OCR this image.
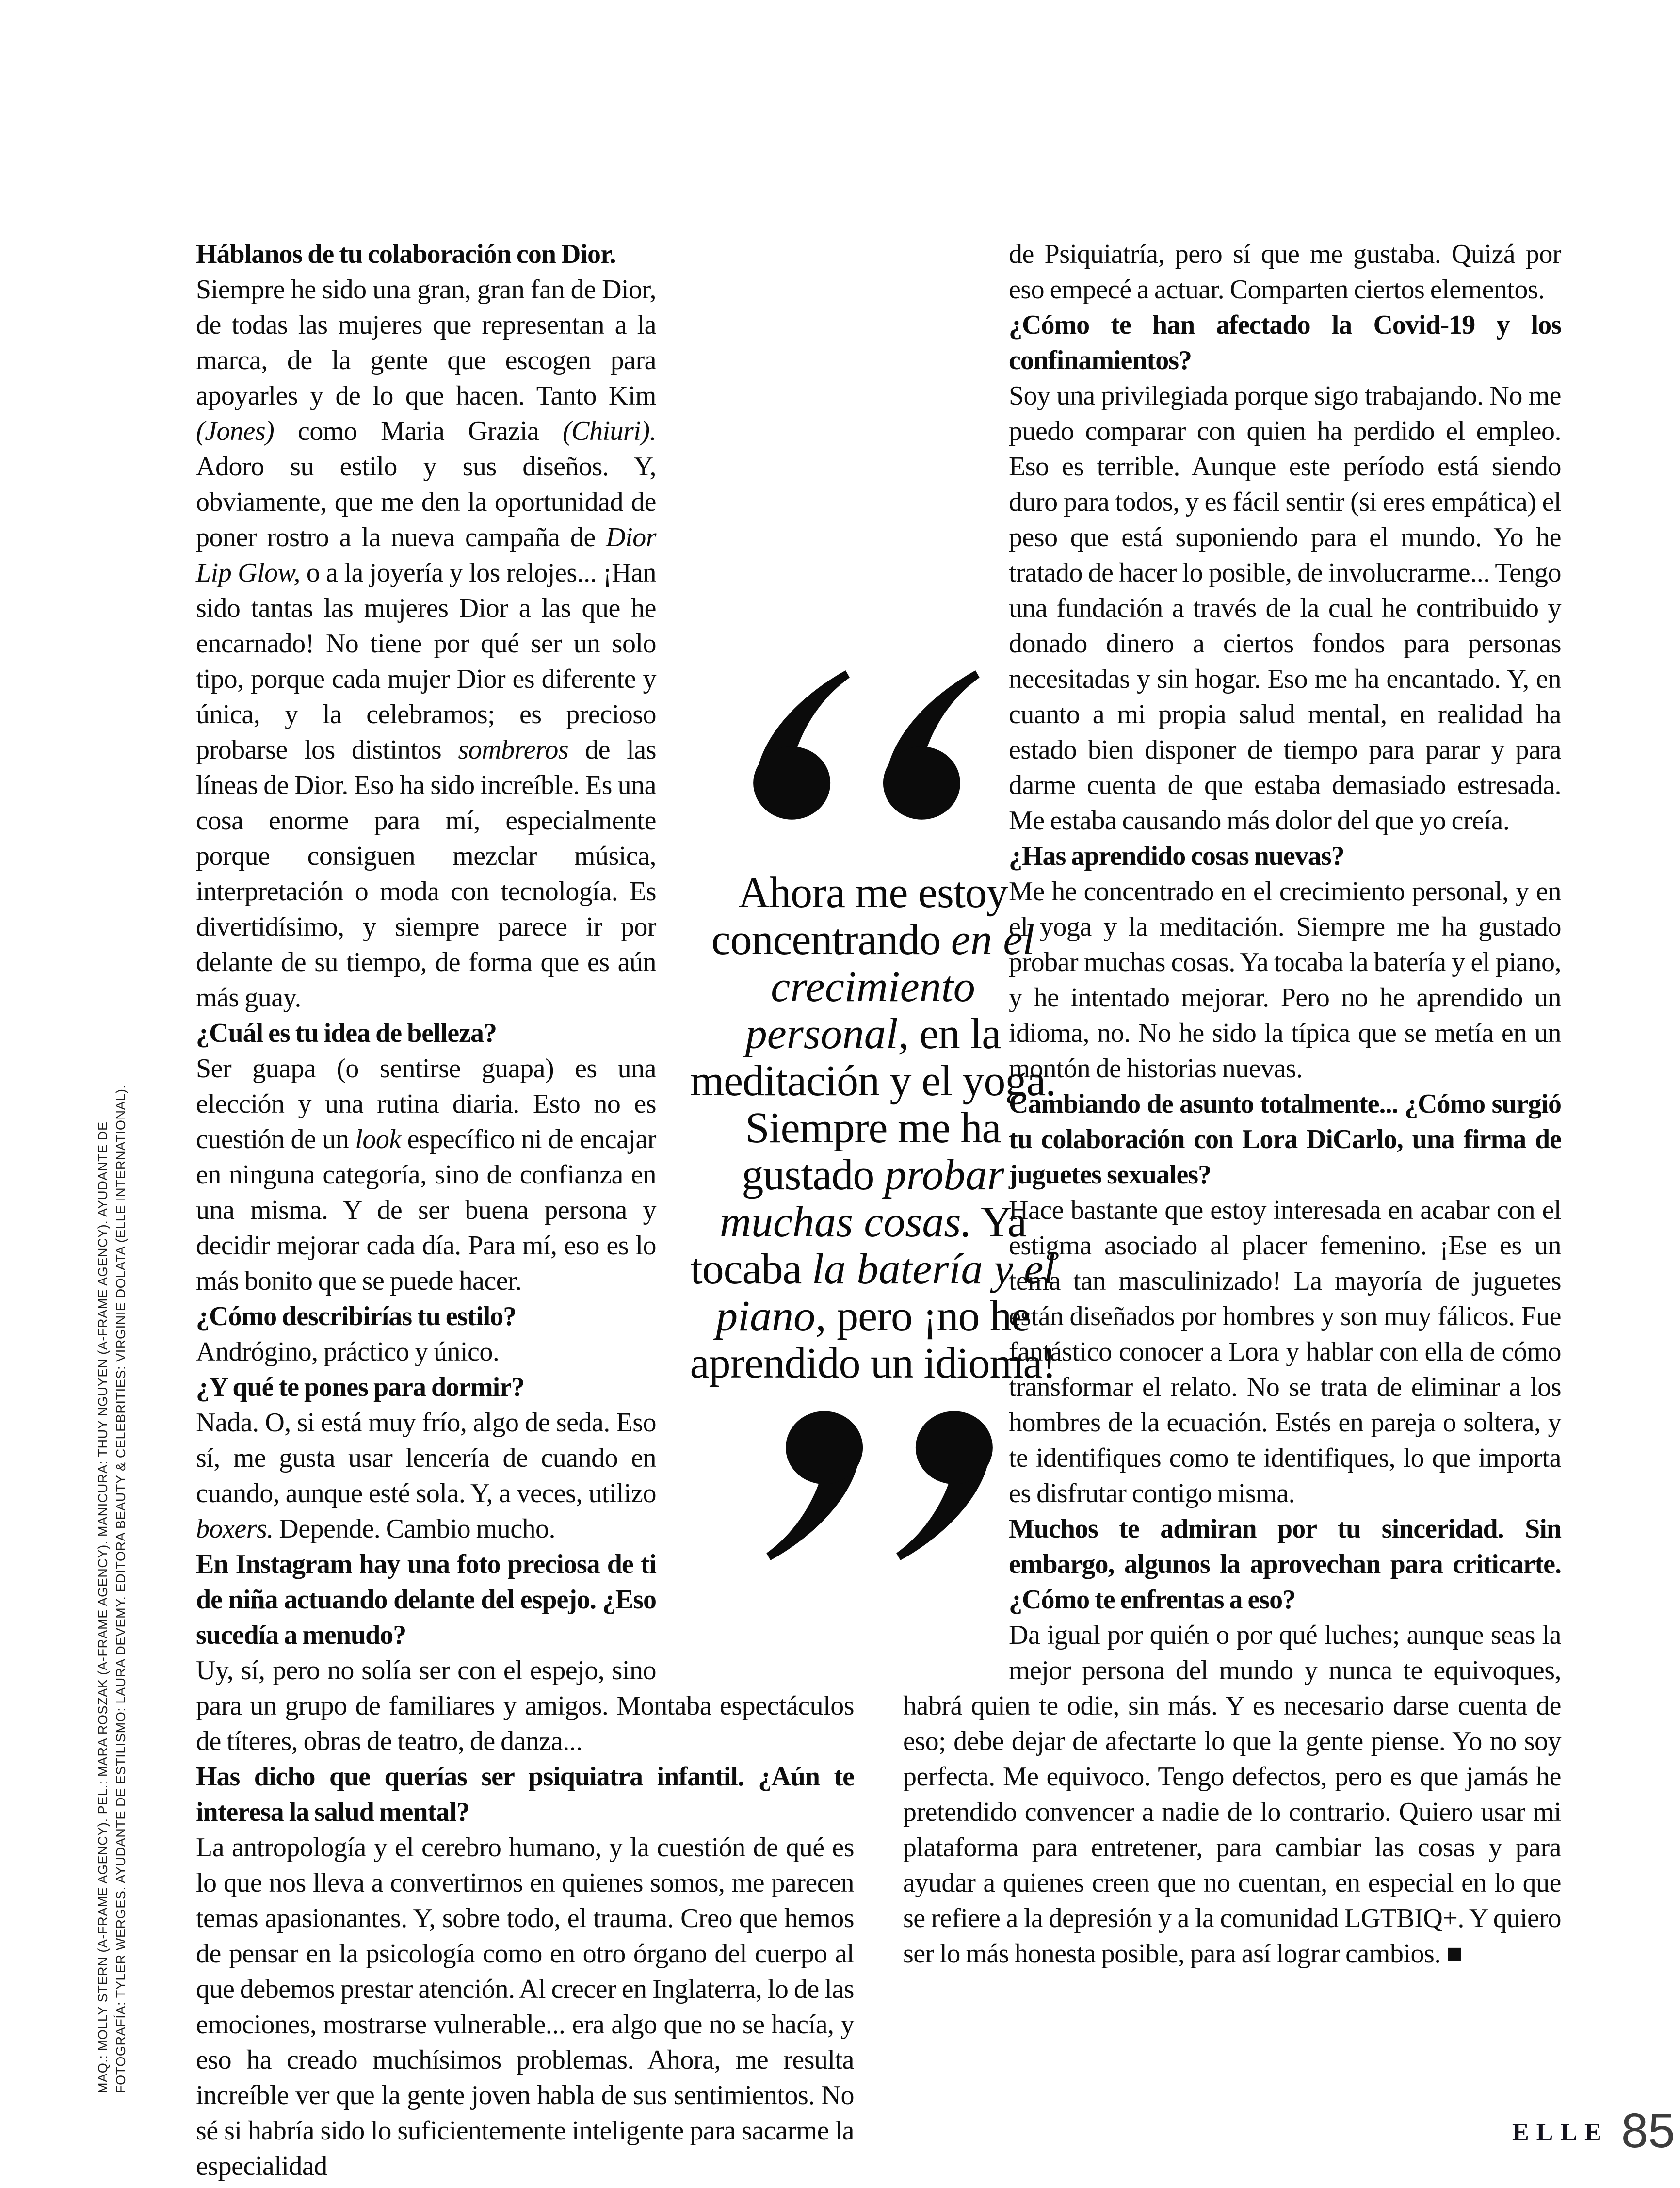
MAQ.: MOLLY STERN (A-FRAME AGENCY). PEL.: MARA ROSZAK (A-FRAME AGENCY). MANICURA: THUY NGUYEN (A-FRAME AGENCY). AYUDANTE DE FOTOGRAFÍA: TYLER WERGES. AYUDANTE DE ESTILISMO: LAURA DEVEMY. EDITORA BEAUTY & CELEBRITIES: VIRGINIE DOLATA (ELLE INTERNATIONAL).

Háblanos de tu colaboración con Dior.

Siempre he sido una gran, gran fan de Dior, de todas las mujeres que representan a la marca, de la gente que escogen para apoyarles y de lo que hacen. Tanto Kim (Jones) como Maria Grazia (Chiuri). Adoro su estilo y sus diseños. Y, obviamente, que me den la oportunidad de poner rostro a la nueva campaña de Dior Lip Glow, o a la joyería y los relojes... ¡Han sido tantas las mujeres Dior a las que he encarnado! No tiene por qué ser un solo tipo, porque cada mujer Dior es diferente y única, y la celebramos; es precioso probarse los distintos sombreros de las líneas de Dior. Eso ha sido increíble. Es una cosa enorme para mí, especialmente porque consiguen mezclar música, interpretación o moda con tecnología. Es divertidísimo, y siempre parece ir por delante de su tiempo, de forma que es aún más guay.

¿Cuál es tu idea de belleza?

Ser guapa (o sentirse guapa) es una elección y una rutina diaria. Esto no es cuestión de un look específico ni de encajar en ninguna categoría, sino de confianza en una misma. Y de ser buena persona y decidir mejorar cada día. Para mí, eso es lo más bonito que se puede hacer.

¿Cómo describirías tu estilo?

Andrógino, práctico y único.

¿Y qué te pones para dormir?

Nada. O, si está muy frío, algo de seda. Eso sí, me gusta usar lencería de cuando en cuando, aunque esté sola. Y, a veces, utilizo boxers. Depende. Cambio mucho.

En Instagram hay una foto preciosa de ti de niña actuando delante del espejo. ¿Eso sucedía a menudo?

Uy, sí, pero no solía ser con el espejo, sino para un grupo de familiares y amigos. Montaba espectáculos de títeres, obras de teatro, de danza...

Has dicho que querías ser psiquiatra infantil. ¿Aún te interesa la salud mental?

La antropología y el cerebro humano, y la cuestión de qué es lo que nos lleva a convertirnos en quienes somos, me parecen temas apasionantes. Y, sobre todo, el trauma. Creo que hemos de pensar en la psicología como en otro órgano del cuerpo al que debemos prestar atención. Al crecer en Inglaterra, lo de las emociones, mostrarse vulnerable... era algo que no se hacía, y eso ha creado muchísimos problemas. Ahora, me resulta increíble ver que la gente joven habla de sus sentimientos. No sé si habría sido lo suficientemente inteligente para sacarme la especialidad

de Psiquiatría, pero sí que me gustaba. Quizá por eso empecé a actuar. Comparten ciertos elementos.

¿Cómo te han afectado la Covid-19 y los confinamientos?

Soy una privilegiada porque sigo trabajando. No me puedo comparar con quien ha perdido el empleo. Eso es terrible. Aunque este período está siendo duro para todos, y es fácil sentir (si eres empática) el peso que está suponiendo para el mundo. Yo he tratado de hacer lo posible, de involucrarme... Tengo una fundación a través de la cual he contribuido y donado dinero a ciertos fondos para personas necesitadas y sin hogar. Eso me ha encantado. Y, en cuanto a mi propia salud mental, en realidad ha estado bien disponer de tiempo para parar y para darme cuenta de que estaba demasiado estresada. Me estaba causando más dolor del que yo creía.

¿Has aprendido cosas nuevas?

Me he concentrado en el crecimiento personal, y en el yoga y la meditación. Siempre me ha gustado probar muchas cosas. Ya tocaba la batería y el piano, y he intentado mejorar. Pero no he aprendido un idioma, no. No he sido la típica que se metía en un montón de historias nuevas.

Cambiando de asunto totalmente... ¿Cómo surgió tu colaboración con Lora DiCarlo, una firma de juguetes sexuales?

Hace bastante que estoy interesada en acabar con el estigma asociado al placer femenino. ¡Ese es un tema tan masculinizado! La mayoría de juguetes están diseñados por hombres y son muy fálicos. Fue fantástico conocer a Lora y hablar con ella de cómo transformar el relato. No se trata de eliminar a los hombres de la ecuación. Estés en pareja o soltera, y te identifiques como te identifiques, lo que importa es disfrutar contigo misma.

Muchos te admiran por tu sinceridad. Sin embargo, algunos la aprovechan para criticarte. ¿Cómo te enfrentas a eso?

Da igual por quién o por qué luches; aunque seas la mejor persona del mundo y nunca te equivoques, habrá quien te odie, sin más. Y es necesario darse cuenta de eso; debe dejar de afectarte lo que la gente piense. Yo no soy perfecta. Me equivoco. Tengo defectos, pero es que jamás he pretendido convencer a nadie de lo contrario. Quiero usar mi plataforma para entretener, para cambiar las cosas y para ayudar a quienes creen que no cuentan, en especial en lo que se refiere a la depresión y a la comunidad LGTBIQ+. Y quiero ser lo más honesta posible, para así lograr cambios. ■

Ahora me estoy concentrando en el crecimiento personal, en la meditación y el yoga. Siempre me ha gustado probar muchas cosas. Ya tocaba la batería y el piano, pero ¡no he aprendido un idioma!

ELLE 85
